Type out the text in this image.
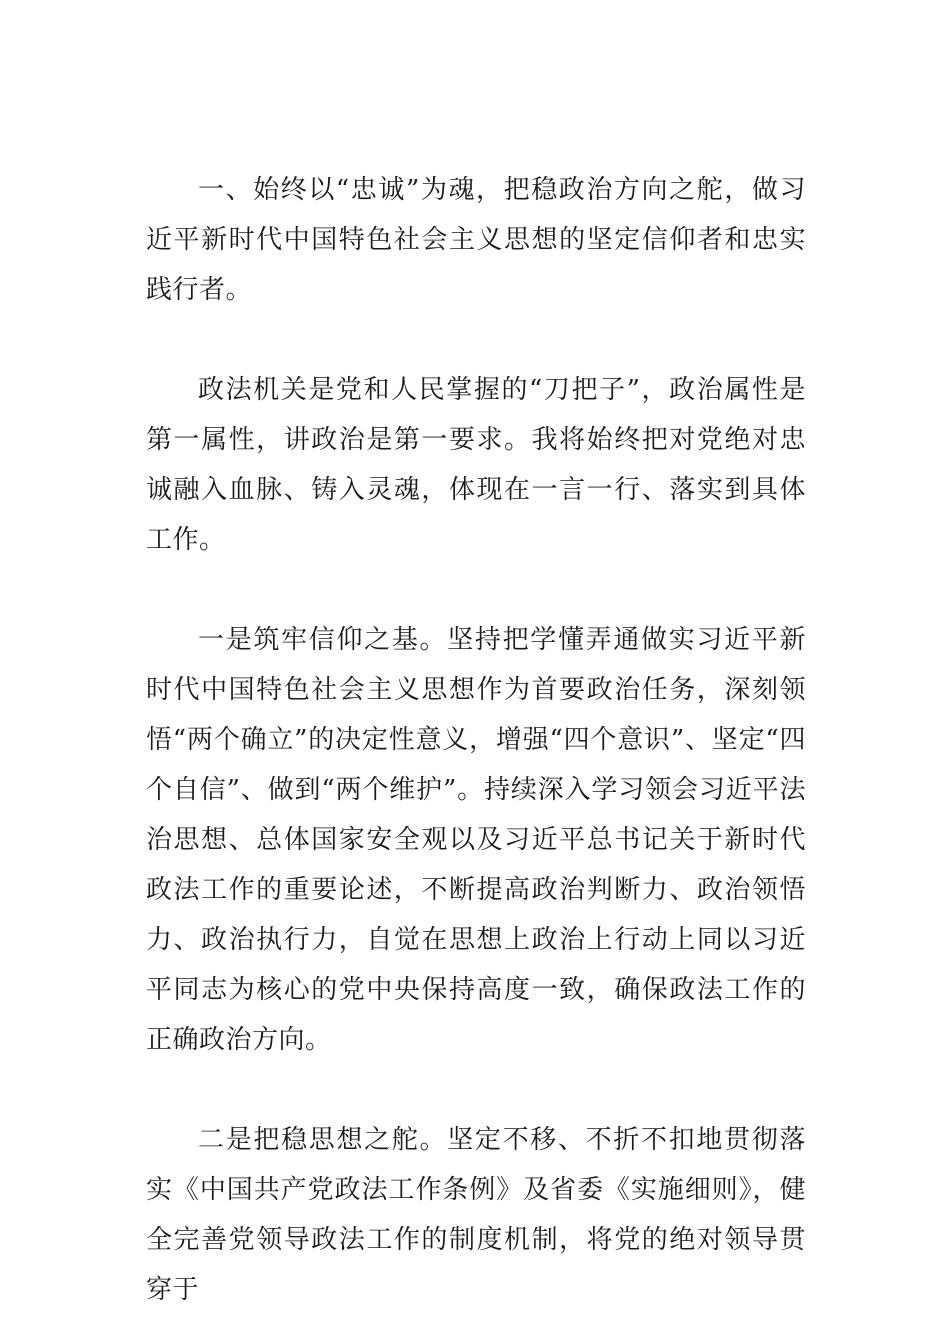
一、始终以“忠诚”为魂，把稳政治方向之舵，做习近平新时代中国特色社会主义思想的坚定信仰者和忠实践行者。

政法机关是党和人民掌握的“刀把子”，政治属性是第一属性，讲政治是第一要求。我将始终把对党绝对忠诚融入血脉、铸入灵魂，体现在一言一行、落实到具体工作。

一是筑牢信仰之基。坚持把学懂弄通做实习近平新时代中国特色社会主义思想作为首要政治任务，深刻领悟“两个确立”的决定性意义，增强“四个意识”、坚定“四个自信”、做到“两个维护”。持续深入学习领会习近平法治思想、总体国家安全观以及习近平总书记关于新时代政法工作的重要论述，不断提高政治判断力、政治领悟力、政治执行力，自觉在思想上政治上行动上同以习近平同志为核心的党中央保持高度一致，确保政法工作的正确政治方向。

二是把稳思想之舵。坚定不移、不折不扣地贯彻落实《中国共产党政法工作条例》及省委《实施细则》，健全完善党领导政法工作的制度机制，将党的绝对领导贯穿于
